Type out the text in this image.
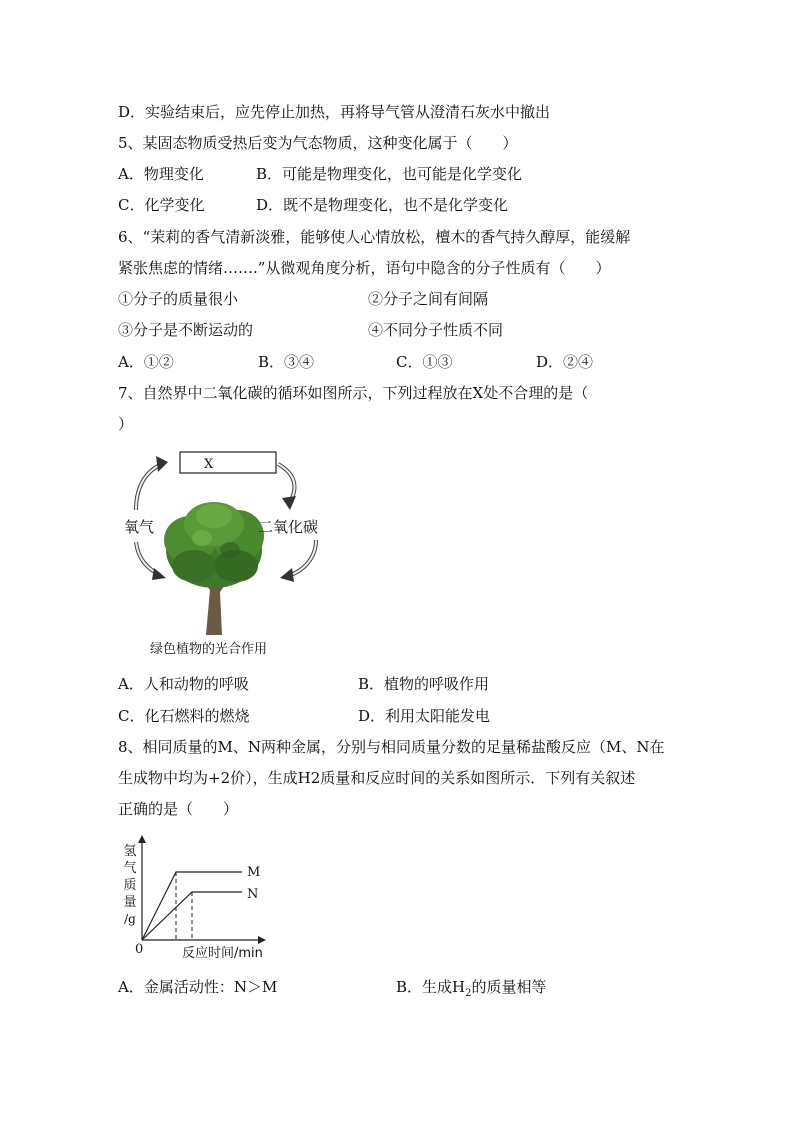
D．实验结束后，应先停止加热，再将导气管从澄清石灰水中撤出
5、某固态物质受热后变为气态物质，这种变化属于（　　）
A．物理变化	B．可能是物理变化，也可能是化学变化
C．化学变化	D．既不是物理变化，也不是化学变化
6、“茉莉的香气清新淡雅，能够使人心情放松，檀木的香气持久醇厚，能缓解
紧张焦虑的情绪…….”从微观角度分析，语句中隐含的分子性质有（　　）
①分子的质量很小	②分子之间有间隔
③分子是不断运动的	④不同分子性质不同
A．①②	B．③④	C．①③	D．②④
7、自然界中二氧化碳的循环如图所示，下列过程放在X处不合理的是（
）
X
氧气	二氧化碳
绿色植物的光合作用
A．人和动物的呼吸	B．植物的呼吸作用
C．化石燃料的燃烧	D．利用太阳能发电
8、相同质量的M、N两种金属，分别与相同质量分数的足量稀盐酸反应（M、N在
生成物中均为+2价），生成H2质量和反应时间的关系如图所示．下列有关叙述
正确的是（　　）
氢
气
质
量
/g
0	反应时间/min
M
N
A．金属活动性：N＞M	B．生成$H_2$的质量相等
